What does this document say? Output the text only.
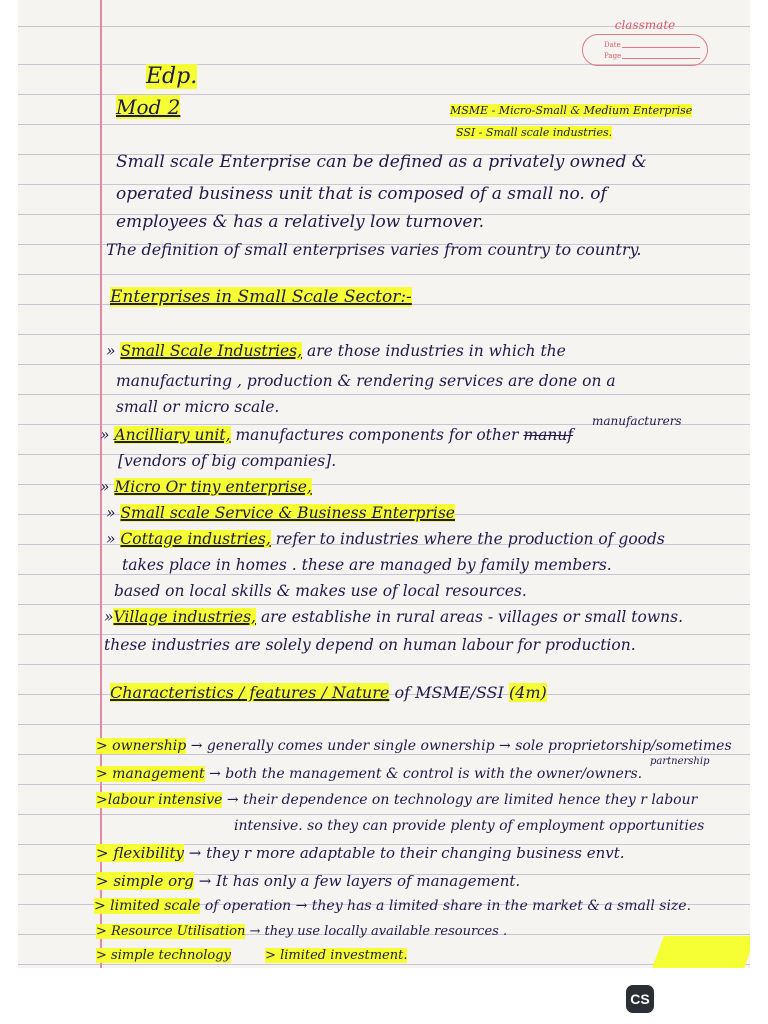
classmate
Date
Page
Edp.
Mod 2	MSME - Micro-Small & Medium Enterprise
SSI - Small scale industries.
Small scale Enterprise can be defined as a privately owned &
operated business unit that is composed of a small no. of
employees & has a relatively low turnover.
The definition of small enterprises varies from country to country.
Enterprises in Small Scale Sector:-
» Small Scale Industries, are those industries in which the
manufacturing , production & rendering services are done on a
small or micro scale.
» Ancilliary unit, manufactures components for other manuf
manufacturers
[vendors of big companies].
» Micro Or tiny enterprise,
» Small scale Service & Business Enterprise
» Cottage industries, refer to industries where the production of goods
takes place in homes . these are managed by family members.
based on local skills & makes use of local resources.
»Village industries, are establishe in rural areas - villages or small towns.
these industries are solely depend on human labour for production.
Characteristics / features / Nature of MSME/SSI (4m)
> ownership → generally comes under single ownership → sole proprietorship/sometimes
partnership
> management → both the management & control is with the owner/owners.
>labour intensive → their dependence on technology are limited hence they r labour
intensive. so they can provide plenty of employment opportunities
> flexibility → they r more adaptable to their changing business envt.
> simple org → It has only a few layers of management.
> limited scale of operation → they has a limited share in the market & a small size.
> Resource Utilisation → they use locally available resources .
> simple technology	> limited investment.
CS
